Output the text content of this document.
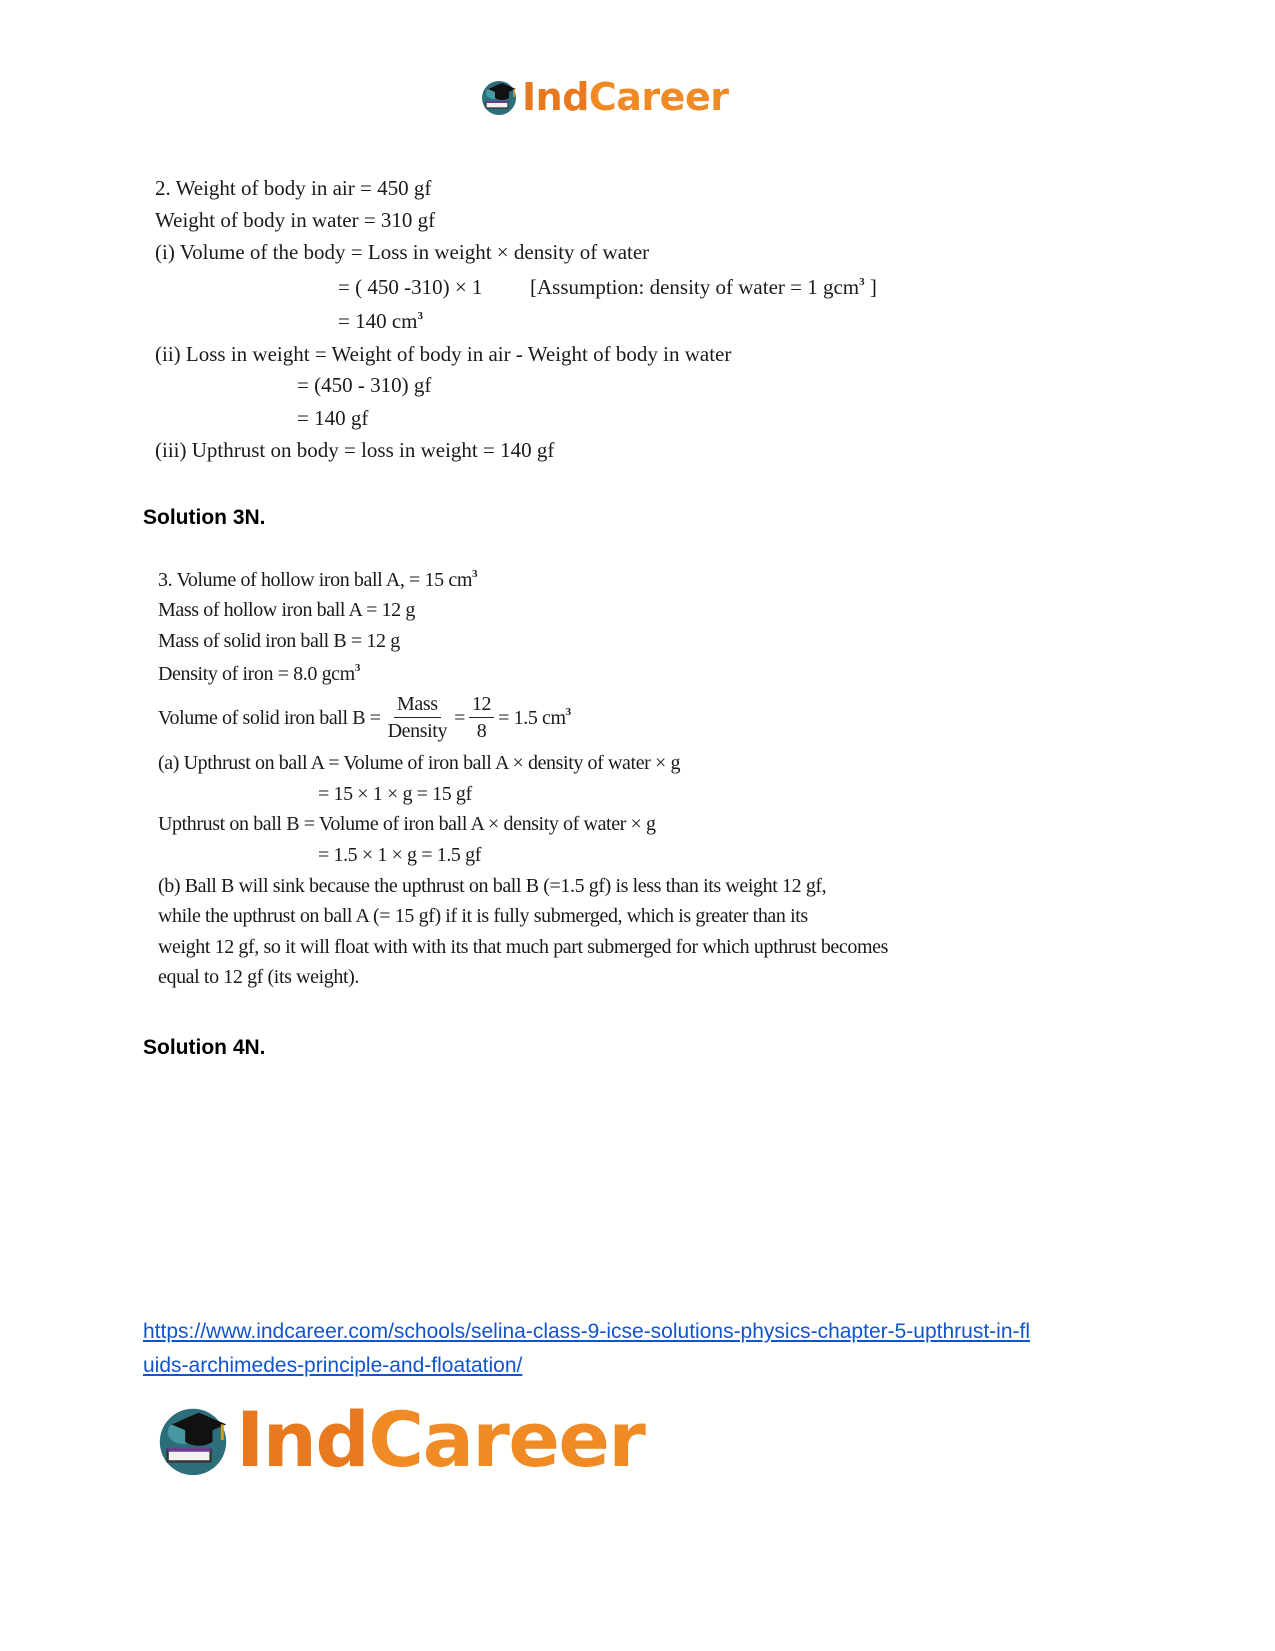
IndCareer
2. Weight of body in air = 450 gf
Weight of body in water = 310 gf
(i) Volume of the body = Loss in weight × density of water
= ( 450 -310) × 1 [Assumption: density of water = 1 gcm$^3$ ]
= 140 $cm^3$
(ii) Loss in weight = Weight of body in air - Weight of body in water
= (450 - 310) gf
= 140 gf
(iii) Upthrust on body = loss in weight = 140 gf
Solution 3N.
3. Volume of hollow iron ball A, = 15 $cm^3$
Mass of hollow iron ball A = 12 g
Mass of solid iron ball B = 12 g
Density of iron = 8.0 gcm$^3$
Volume of solid iron ball $B = \frac{\text{Mass}}{\text{Density}} = \frac{12}{8} = 1.5$ $cm^3$
(a) Upthrust on ball A = Volume of iron ball A × density of water × g
= 15 × 1 × g = 15 gf
Upthrust on ball B = Volume of iron ball A × density of water × g
= 1.5 × 1 × g = 1.5 gf
(b) Ball B will sink because the upthrust on ball B (=1.5 gf) is less than its weight 12 gf,
while the upthrust on ball A (= 15 gf) if it is fully submerged, which is greater than its
weight 12 gf, so it will float with with its that much part submerged for which upthrust becomes
equal to 12 gf (its weight).
Solution 4N.
https://www.indcareer.com/schools/selina-class-9-icse-solutions-physics-chapter-5-upthrust-in-fl
uids-archimedes-principle-and-floatation/
IndCareer
